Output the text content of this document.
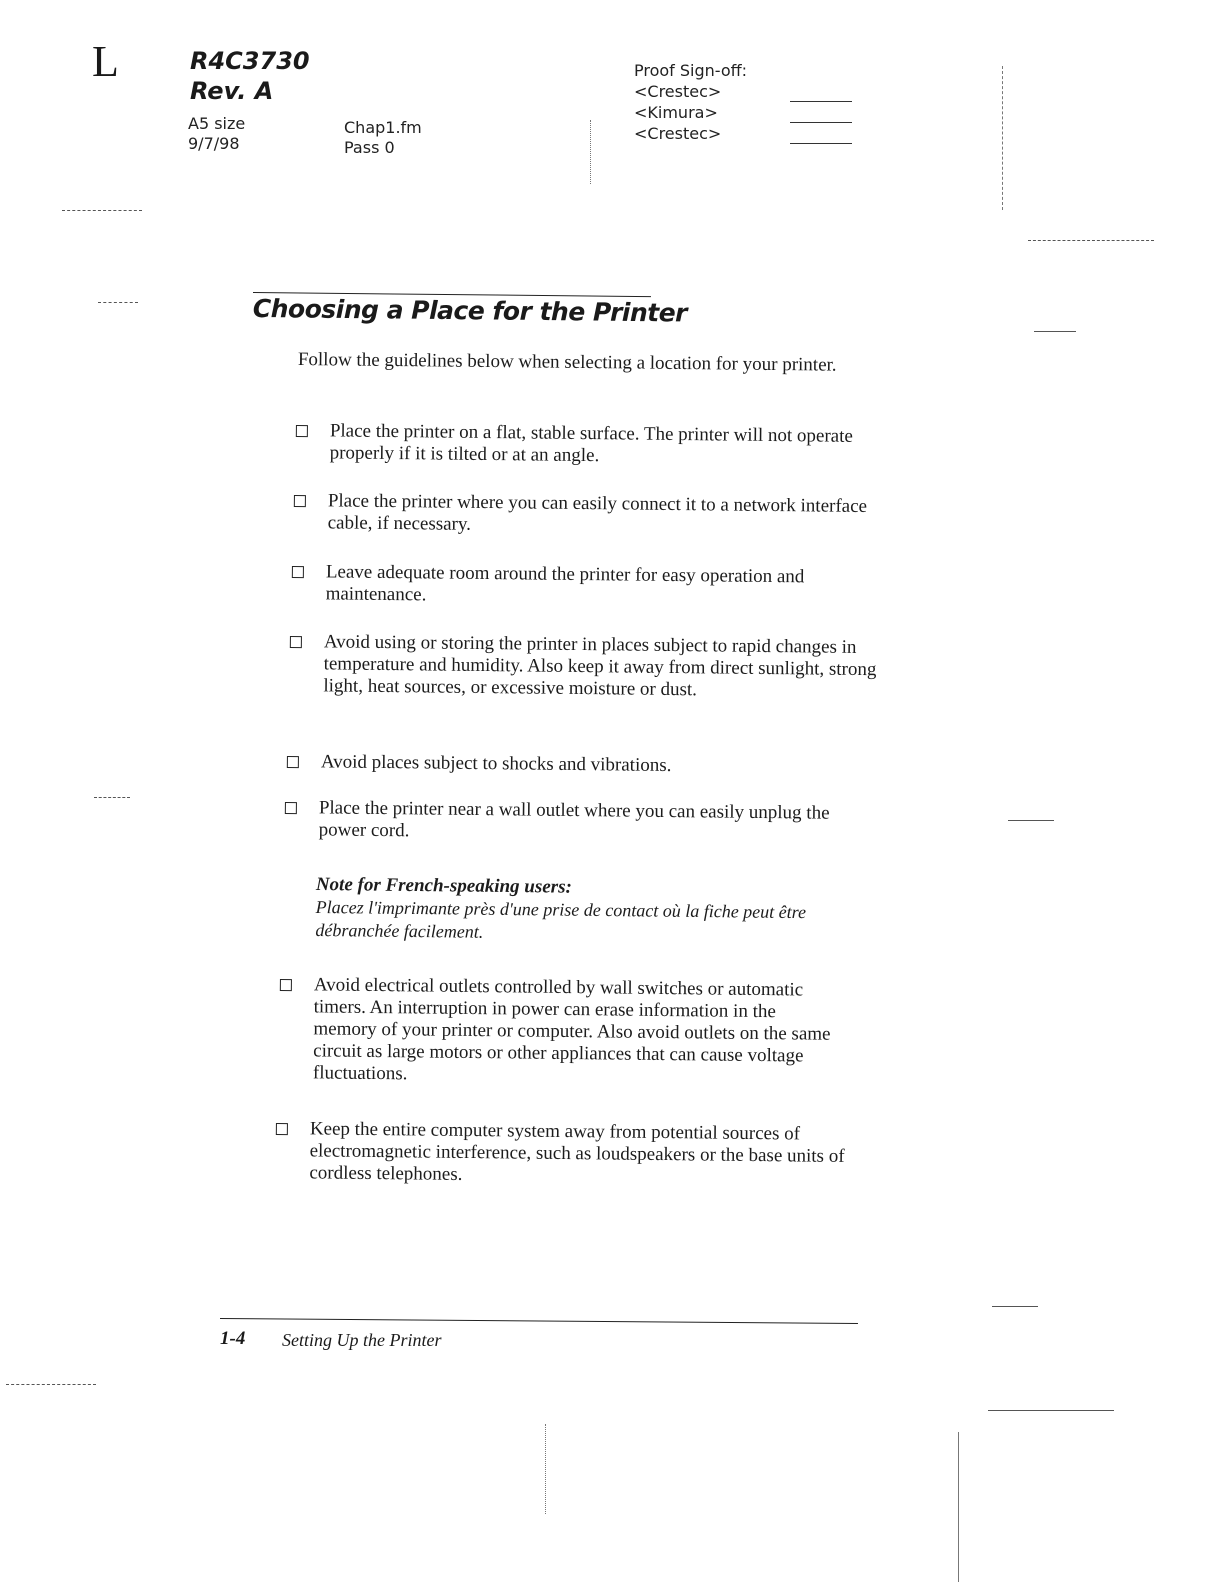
L	R4C3730
Rev. A
A5 size
9/7/98
Chap1.fm
Pass 0
Proof Sign-off:
<Crestec>
<Kimura>
<Crestec>
Choosing a Place for the Printer
Follow the guidelines below when selecting a location for your printer.
Place the printer on a flat, stable surface. The printer will not operate properly if it is tilted or at an angle.
Place the printer where you can easily connect it to a network interface cable, if necessary.
Leave adequate room around the printer for easy operation and maintenance.
Avoid using or storing the printer in places subject to rapid changes in temperature and humidity. Also keep it away from direct sunlight, strong light, heat sources, or excessive moisture or dust.
Avoid places subject to shocks and vibrations.
Place the printer near a wall outlet where you can easily unplug the power cord.
Note for French-speaking users:
Placez l'imprimante près d'une prise de contact où la fiche peut être débranchée facilement.
Avoid electrical outlets controlled by wall switches or automatic timers. An interruption in power can erase information in the memory of your printer or computer. Also avoid outlets on the same circuit as large motors or other appliances that can cause voltage fluctuations.
Keep the entire computer system away from potential sources of electromagnetic interference, such as loudspeakers or the base units of cordless telephones.
1-4 Setting Up the Printer
